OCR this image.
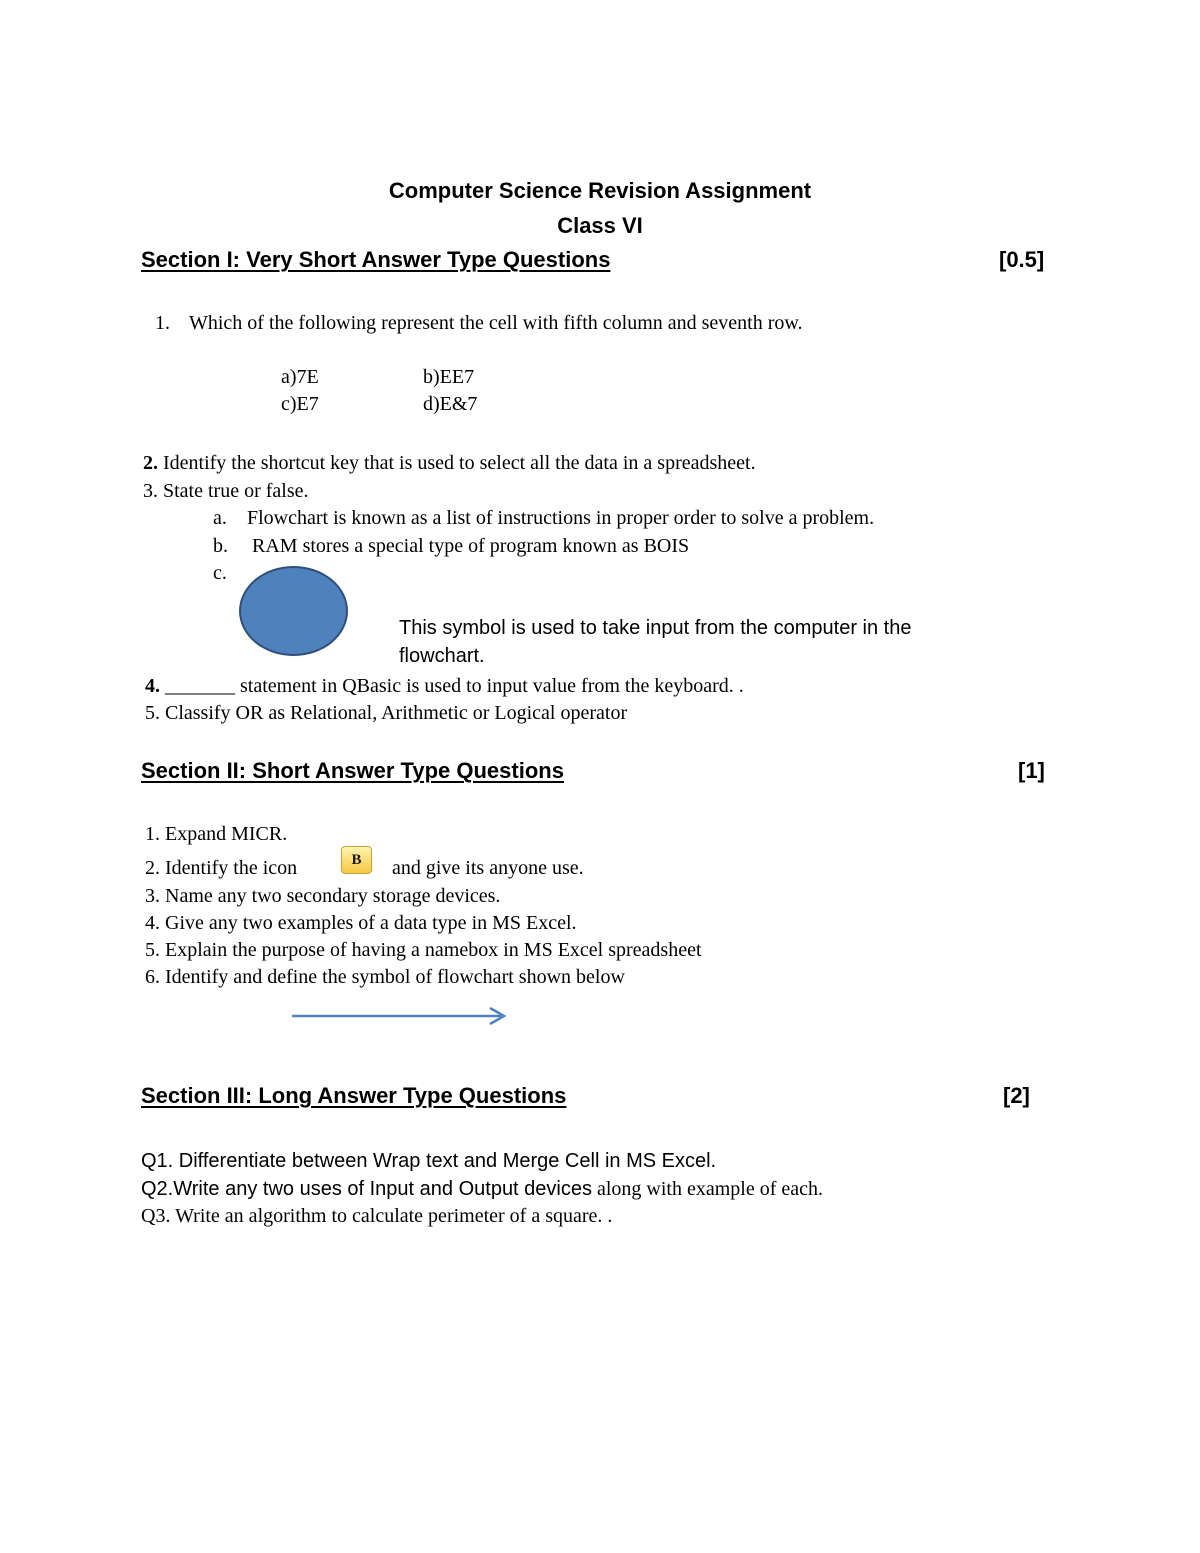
Computer Science Revision Assignment
Class VI
Section I: Very Short Answer Type Questions	[0.5]
1. Which of the following represent the cell with fifth column and seventh row.
a)7E	b)EE7
c)E7	d)E&7
2. Identify the shortcut key that is used to select all the data in a spreadsheet.
3. State true or false.
a. Flowchart is known as a list of instructions in proper order to solve a problem.
b. RAM stores a special type of program known as BOIS
c.
This symbol is used to take input from the computer in the
flowchart.
4. _______ statement in QBasic is used to input value from the keyboard. .
5. Classify OR as Relational, Arithmetic or Logical operator
Section II: Short Answer Type Questions	[1]
1. Expand MICR.
2. Identify the icon	B	and give its anyone use.
3. Name any two secondary storage devices.
4. Give any two examples of a data type in MS Excel.
5. Explain the purpose of having a namebox in MS Excel spreadsheet
6. Identify and define the symbol of flowchart shown below
Section III: Long Answer Type Questions	[2]
Q1. Differentiate between Wrap text and Merge Cell in MS Excel.
Q2.Write any two uses of Input and Output devices along with example of each.
Q3. Write an algorithm to calculate perimeter of a square. .
